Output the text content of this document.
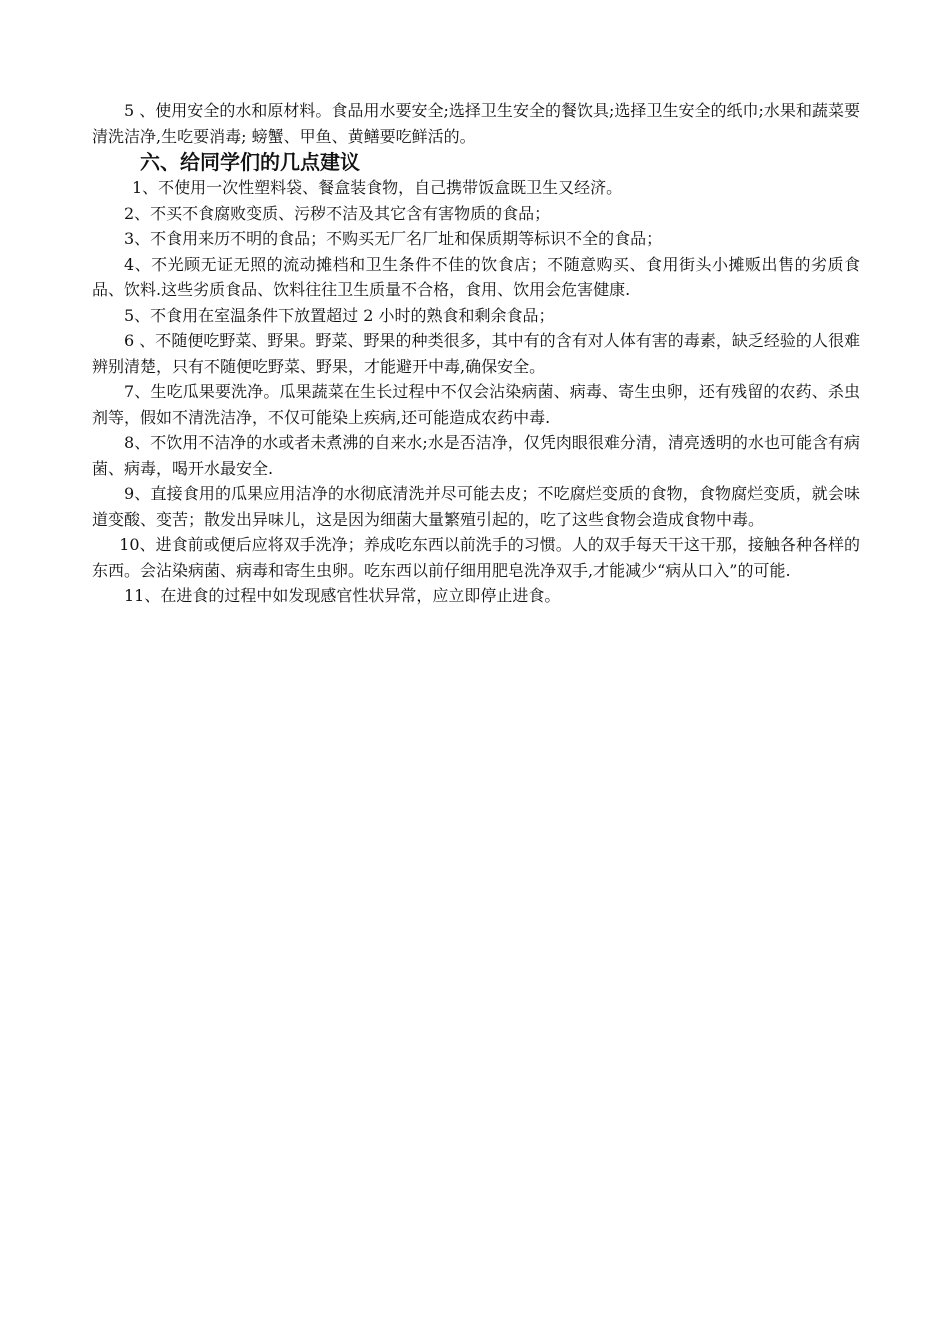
5 、使用安全的水和原材料。食品用水要安全;选择卫生安全的餐饮具;选择卫生安全的纸巾;水果和蔬菜要清洗洁净,生吃要消毒; 螃蟹、甲鱼、黄鳝要吃鲜活的。

六、给同学们的几点建议

1、不使用一次性塑料袋、餐盒装食物，自己携带饭盒既卫生又经济。

2、不买不食腐败变质、污秽不洁及其它含有害物质的食品；

3、不食用来历不明的食品；不购买无厂名厂址和保质期等标识不全的食品；

4、不光顾无证无照的流动摊档和卫生条件不佳的饮食店；不随意购买、食用街头小摊贩出售的劣质食品、饮料.这些劣质食品、饮料往往卫生质量不合格，食用、饮用会危害健康.

5、不食用在室温条件下放置超过 2 小时的熟食和剩余食品；

6 、不随便吃野菜、野果。野菜、野果的种类很多，其中有的含有对人体有害的毒素，缺乏经验的人很难辨别清楚，只有不随便吃野菜、野果，才能避开中毒,确保安全。

7、生吃瓜果要洗净。瓜果蔬菜在生长过程中不仅会沾染病菌、病毒、寄生虫卵，还有残留的农药、杀虫剂等，假如不清洗洁净，不仅可能染上疾病,还可能造成农药中毒.

8、不饮用不洁净的水或者未煮沸的自来水;水是否洁净，仅凭肉眼很难分清，清亮透明的水也可能含有病菌、病毒，喝开水最安全.

9、直接食用的瓜果应用洁净的水彻底清洗并尽可能去皮；不吃腐烂变质的食物，食物腐烂变质，就会味道变酸、变苦；散发出异味儿，这是因为细菌大量繁殖引起的，吃了这些食物会造成食物中毒。

10、进食前或便后应将双手洗净；养成吃东西以前洗手的习惯。人的双手每天干这干那，接触各种各样的东西。会沾染病菌、病毒和寄生虫卵。吃东西以前仔细用肥皂洗净双手,才能减少“病从口入”的可能.

11、在进食的过程中如发现感官性状异常，应立即停止进食。
